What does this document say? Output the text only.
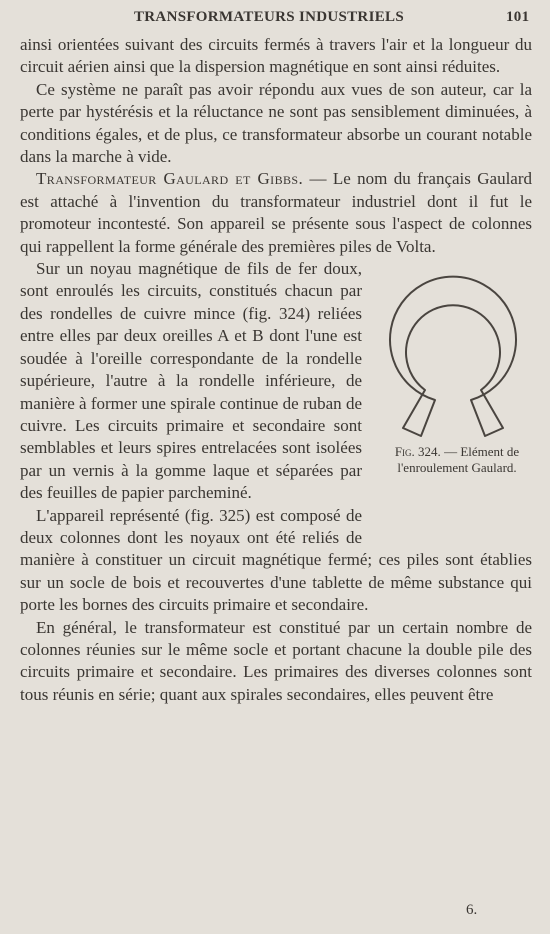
TRANSFORMATEURS INDUSTRIELS	101

ainsi orientées suivant des circuits fermés à travers l'air et la longueur du circuit aérien ainsi que la dispersion magnétique en sont ainsi réduites.

Ce système ne paraît pas avoir répondu aux vues de son auteur, car la perte par hystérésis et la réluctance ne sont pas sensiblement diminuées, à conditions égales, et de plus, ce transformateur absorbe un courant notable dans la marche à vide.

Transformateur Gaulard et Gibbs. — Le nom du français Gaulard est attaché à l'invention du transformateur industriel dont il fut le promoteur incontesté. Son appareil se présente sous l'aspect de colonnes qui rappellent la forme générale des premières piles de Volta.

Fig. 324. — Elément de l'enroulement Gaulard.

Sur un noyau magnétique de fils de fer doux, sont enroulés les circuits, constitués chacun par des rondelles de cuivre mince (fig. 324) reliées entre elles par deux oreilles A et B dont l'une est soudée à l'oreille correspondante de la rondelle supérieure, l'autre à la rondelle inférieure, de manière à former une spirale continue de ruban de cuivre. Les circuits primaire et secondaire sont semblables et leurs spires entrelacées sont isolées par un vernis à la gomme laque et séparées par des feuilles de papier parcheminé.

L'appareil représenté (fig. 325) est composé de deux colonnes dont les noyaux ont été reliés de manière à constituer un circuit magnétique fermé; ces piles sont établies sur un socle de bois et recouvertes d'une tablette de même substance qui porte les bornes des circuits primaire et secondaire.

En général, le transformateur est constitué par un certain nombre de colonnes réunies sur le même socle et portant chacune la double pile des circuits primaire et secondaire. Les primaires des diverses colonnes sont tous réunis en série; quant aux spirales secondaires, elles peuvent être

6.
